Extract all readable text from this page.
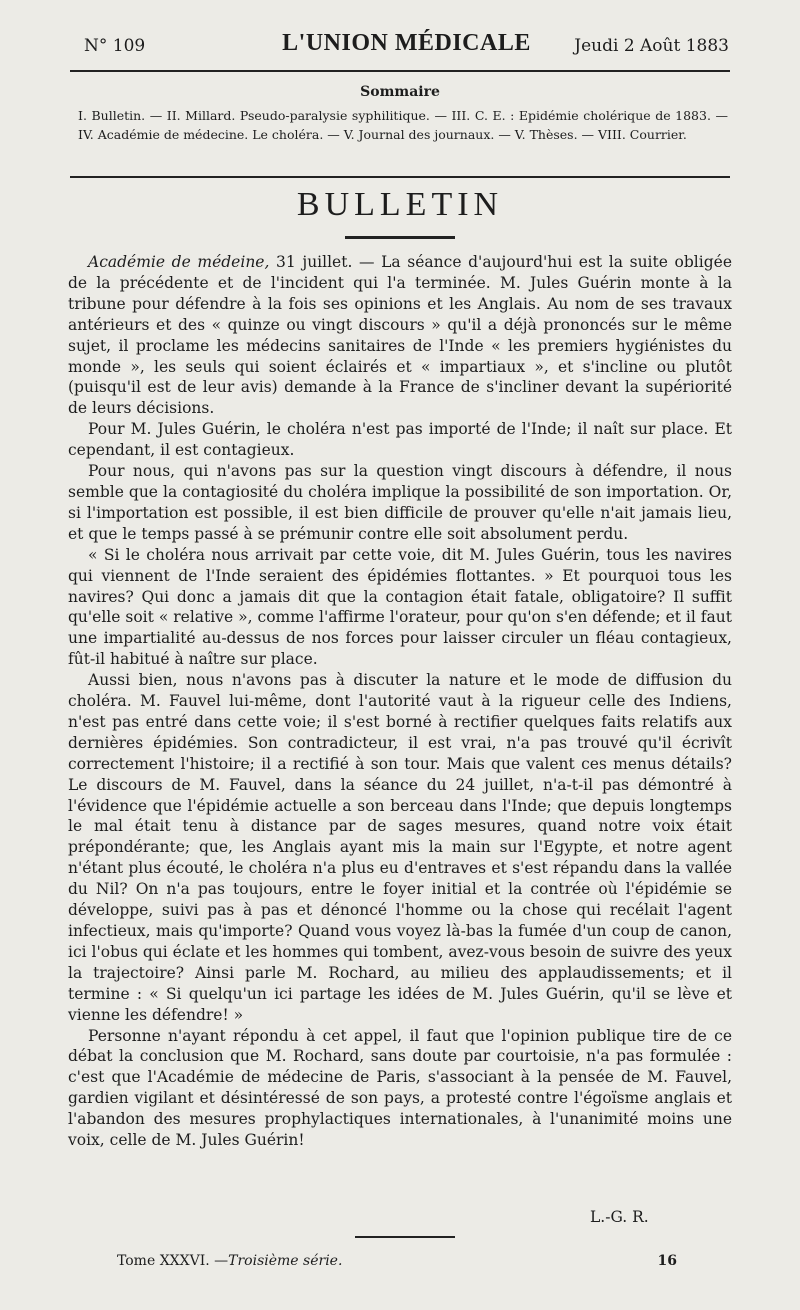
N° 109	L'UNION MÉDICALE	Jeudi 2 Août 1883
Sommaire
I. Bulletin. — II. Millard. Pseudo-paralysie syphilitique. — III. C. E. : Epidémie cholérique de 1883. — IV. Académie de médecine. Le choléra. — V. Journal des journaux. — V. Thèses. — VIII. Courrier.
BULLETIN

Académie de médeine, 31 juillet. — La séance d'aujourd'hui est la suite obligée de la précédente et de l'incident qui l'a terminée. M. Jules Guérin monte à la tribune pour défendre à la fois ses opinions et les Anglais. Au nom de ses travaux antérieurs et des « quinze ou vingt discours » qu'il a déjà prononcés sur le même sujet, il proclame les médecins sanitaires de l'Inde « les premiers hygiénistes du monde », les seuls qui soient éclairés et « impartiaux », et s'incline ou plutôt (puisqu'il est de leur avis) demande à la France de s'incliner devant la supériorité de leurs décisions.

Pour M. Jules Guérin, le choléra n'est pas importé de l'Inde; il naît sur place. Et cependant, il est contagieux.

Pour nous, qui n'avons pas sur la question vingt discours à défendre, il nous semble que la contagiosité du choléra implique la possibilité de son importation. Or, si l'importation est possible, il est bien difficile de prouver qu'elle n'ait jamais lieu, et que le temps passé à se prémunir contre elle soit absolument perdu.

« Si le choléra nous arrivait par cette voie, dit M. Jules Guérin, tous les navires qui viennent de l'Inde seraient des épidémies flottantes. » Et pourquoi tous les navires? Qui donc a jamais dit que la contagion était fatale, obligatoire? Il suffit qu'elle soit « relative », comme l'affirme l'orateur, pour qu'on s'en défende; et il faut une impartialité au-dessus de nos forces pour laisser circuler un fléau contagieux, fût-il habitué à naître sur place.

Aussi bien, nous n'avons pas à discuter la nature et le mode de diffusion du choléra. M. Fauvel lui-même, dont l'autorité vaut à la rigueur celle des Indiens, n'est pas entré dans cette voie; il s'est borné à rectifier quelques faits relatifs aux dernières épidémies. Son contradicteur, il est vrai, n'a pas trouvé qu'il écrivît correctement l'histoire; il a rectifié à son tour. Mais que valent ces menus détails? Le discours de M. Fauvel, dans la séance du 24 juillet, n'a-t-il pas démontré à l'évidence que l'épidémie actuelle a son berceau dans l'Inde; que depuis longtemps le mal était tenu à distance par de sages mesures, quand notre voix était prépondérante; que, les Anglais ayant mis la main sur l'Egypte, et notre agent n'étant plus écouté, le choléra n'a plus eu d'entraves et s'est répandu dans la vallée du Nil? On n'a pas toujours, entre le foyer initial et la contrée où l'épidémie se développe, suivi pas à pas et dénoncé l'homme ou la chose qui recélait l'agent infectieux, mais qu'importe? Quand vous voyez là-bas la fumée d'un coup de canon, ici l'obus qui éclate et les hommes qui tombent, avez-vous besoin de suivre des yeux la trajectoire? Ainsi parle M. Rochard, au milieu des applaudissements; et il termine : « Si quelqu'un ici partage les idées de M. Jules Guérin, qu'il se lève et vienne les défendre! »

Personne n'ayant répondu à cet appel, il faut que l'opinion publique tire de ce débat la conclusion que M. Rochard, sans doute par courtoisie, n'a pas formulée : c'est que l'Académie de médecine de Paris, s'associant à la pensée de M. Fauvel, gardien vigilant et désintéressé de son pays, a protesté contre l'égoïsme anglais et l'abandon des mesures prophylactiques internationales, à l'unanimité moins une voix, celle de M. Jules Guérin!

L.-G. R.
Tome XXXVI. —Troisième série.	16
